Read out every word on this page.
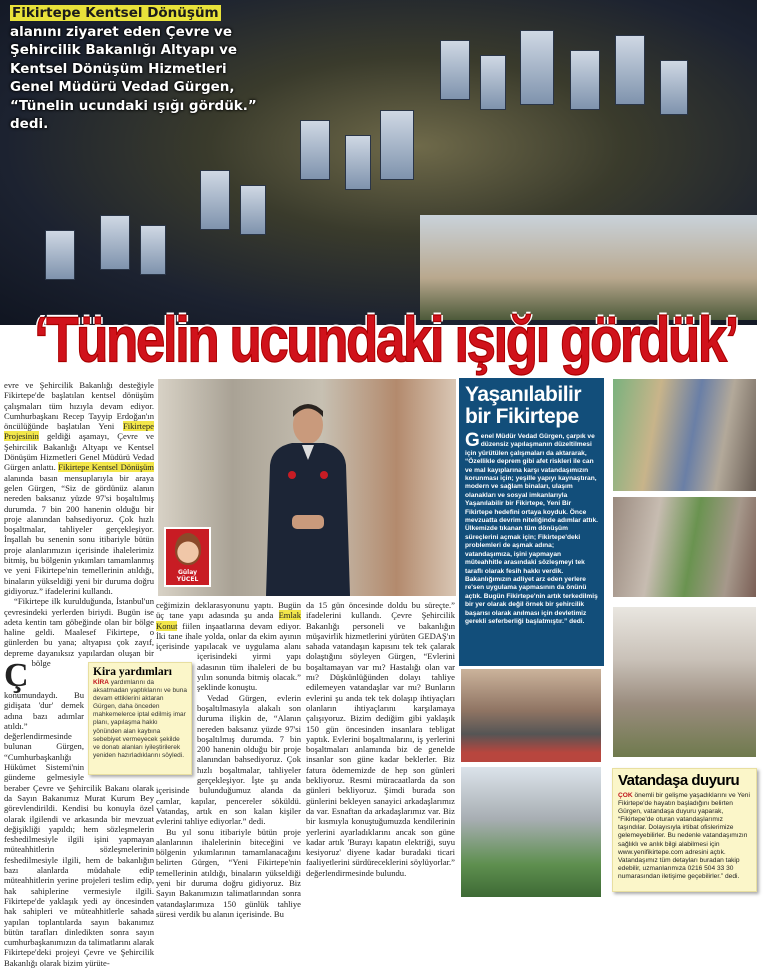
Fikirtepe Kentsel Dönüşüm
alanını ziyaret eden Çevre ve Şehircilik Bakanlığı Altyapı ve Kentsel Dönüşüm Hizmetleri Genel Müdürü Vedad Gürgen, “Tünelin ucundaki ışığı gördük.” dedi.
‘Tünelin ucundaki ışığı gördük’

Ç
evre ve Şehircilik Bakanlığı desteğiyle Fikirtepe'de başlatılan kentsel dönüşüm çalışmaları tüm hızıyla devam ediyor. Cumhurbaşkanı Recep Tayyip Erdoğan'ın öncülüğünde başlatılan Yeni Fikirtepe Projesinin geldiği aşamayı, Çevre ve Şehircilik Bakanlığı Altyapı ve Kentsel Dönüşüm Hizmetleri Genel Müdürü Vedad Gürgen anlattı. Fikirtepe Kentsel Dönüşüm alanında basın mensuplarıyla bir araya gelen Gürgen, “Siz de gördünüz alanın nereden baksanız yüzde 97'si boşaltılmış durumda. 7 bin 200 hanenin olduğu bir proje alanından bahsediyoruz. Çok hızlı boşaltmalar, tahliyeler gerçekleşiyor. İnşallah bu senenin sonu itibariyle bütün proje alanlarımızın içerisinde ihalelerimiz bitmiş, bu bölgenin yıkımları tamamlanmış ve yeni Fikirtepe'nin temellerinin atıldığı, binaların yükseldiği yeni bir duruma doğru gidiyoruz.” ifadelerini kullandı.

“Fikirtepe ilk kurulduğunda, İstanbul'un çevresindeki yerlerden biriydi. Bugün ise adeta kentin tam göbeğinde olan bir bölge haline geldi. Maalesef Fikirtepe, o günlerden bu yana; altyapısı çok zayıf, depreme dayanıksız yapılardan oluşan bir bölge konumundaydı. Bu gidişata 'dur' demek adına bazı adımlar atıldı.” değerlendirmesinde bulunan Gürgen, “Cumhurbaşkanlığı Hükümet Sistemi'nin gündeme gelmesiyle beraber Çevre ve Şehircilik Bakanı olarak da Sayın Bakanımız Murat Kurum Bey görevlendirildi. Kendisi bu konuyla özel olarak ilgilendi ve arkasında bir mevzuat değişikliği yapıldı; hem sözleşmelerin feshedilmesiyle ilgili işini yapmayan müteahhitlerin sözleşmelerinin feshedilmesiyle ilgili, hem de bakanlığın bazı alanlarda müdahale edip müteahhitlerin yerine projeleri teslim edip, hak sahiplerine vermesiyle ilgili. Fikirtepe'de yaklaşık yedi ay öncesinden hak sahipleri ve müteahhitlerle sahada yapılan toplantılarda sayın bakanımız bütün tarafları dinledikten sonra sayın cumhurbaşkanımızın da talimatlarını alarak Fikirtepe'deki projeyi Çevre ve Şehircilik Bakanlığı olarak bizim yürüte-

Gülay
YÜCEL

ceğimizin deklarasyonunu yaptı. Bugün üç tane yapı adasında şu anda Emlak Konut fiilen inşaatlarına devam ediyor. İki tane ihale yolda, onlar da ekim ayının içerisinde yapılacak ve uygulama alanı içerisindeki yirmi yapı adasının tüm ihaleleri de bu yılın sonunda bitmiş olacak.” şeklinde konuştu.

Vedad Gürgen, evlerin boşaltılmasıyla alakalı son duruma ilişkin de, “Alanın nereden baksanız yüzde 97'si boşaltılmış durumda. 7 bin 200 hanenin olduğu bir proje alanından bahsediyoruz. Çok hızlı boşaltmalar, tahliyeler gerçekleşiyor. İşte şu anda içerisinde bulunduğumuz alanda da camlar, kapılar, pencereler söküldü. Vatandaş, artık en son kalan kişiler evlerini tahliye ediyorlar.” dedi.

Bu yıl sonu itibariyle bütün proje alanlarının ihalelerinin biteceğini ve bölgenin yıkımlarının tamamlanacağını belirten Gürgen, “Yeni Fikirtepe'nin temellerinin atıldığı, binaların yükseldiği yeni bir duruma doğru gidiyoruz. Biz Sayın Bakanımızın talimatlarından sonra vatandaşlarımıza 150 günlük tahliye süresi verdik bu alanın içerisinde. Bu

da 15 gün öncesinde doldu bu süreçte.” ifadelerini kullandı. Çevre Şehircilik Bakanlığı personeli ve bakanlığın müşavirlik hizmetlerini yürüten GEDAŞ'ın sahada vatandaşın kapısını tek tek çalarak dolaştığını söyleyen Gürgen, “Evlerini boşaltamayan var mı? Hastalığı olan var mı? Düşkünlüğünden dolayı tahliye edilemeyen vatandaşlar var mı? Bunların evlerini şu anda tek tek dolaşıp ihtiyaçları olanların ihtiyaçlarını karşılamaya çalışıyoruz. Bizim dediğim gibi yaklaşık 150 gün öncesinden insanlara tebligat yaptık. Evlerini boşaltmalarını, iş yerlerini boşaltmaları anlamında biz de genelde insanlar son güne kadar beklerler. Biz fatura ödememizde de hep son günleri bekliyoruz. Resmi müracaatlarda da son günleri bekliyoruz. Şimdi burada son günlerini bekleyen sanayici arkadaşlarımız da var. Esnaftan da arkadaşlarımız var. Biz bir kısmıyla konuştuğumuzda kendilerinin yerlerini ayarladıklarını ancak son güne kadar artık 'Burayı kapatın elektriği, suyu kesiyoruz' diyene kadar buradaki ticari faaliyetlerini sürdüreceklerini söylüyorlar.” değerlendirmesinde bulundu.

Kira yardımları
KİRA yardımlarını da aksatmadan yaptıklarını ve buna devam ettiklerini aktaran Gürgen, daha önceden mahkemelerce iptal edilmiş imar planı, yapılaşma hakkı yönünden alan kaybına sebebiyet vermeyecek şekilde ve donatı alanları iyileştirilerek yeniden hazırladıklarını söyledi.
Yaşanılabilir
bir Fikirtepe
Genel Müdür Vedad Gürgen, çarpık ve düzensiz yapılaşmanın düzeltilmesi için yürütülen çalışmaları da aktararak, “Özellikle deprem gibi afet riskleri ile can ve mal kayıplarına karşı vatandaşımızın korunması için; yeşille yapıyı kaynaştıran, modern ve sağlam binaları, ulaşım olanakları ve sosyal imkanlarıyla Yaşanılabilir bir Fikirtepe, Yeni Bir Fikirtepe hedefini ortaya koyduk. Önce mevzuatta devrim niteliğinde adımlar attık. Ülkemizde tıkanan tüm dönüşüm süreçlerini açmak için; Fikirtepe'deki problemleri de aşmak adına; vatandaşımıza, işini yapmayan müteahhitle arasındaki sözleşmeyi tek taraflı olarak fesih hakkı verdik. Bakanlığımızın adliyet arz eden yerlere re'sen uygulama yapmasının da önünü açtık. Bugün Fikirtepe'nin artık terkedilmiş bir yer olarak değil örnek bir şehircilik başarısı olarak anılması için devletimiz gerekli seferberliği başlatmıştır.” dedi.
Vatandaşa duyuru
ÇOK önemli bir gelişme yaşadıklarını ve Yeni Fikirtepe'de hayatın başladığını belirten Gürgen, vatandaşa duyuru yaparak, “Fikirtepe'de oturan vatandaşlarımız taşındılar. Dolayısıyla irtibat ofislerimize gelemeyebilirler. Bu nedenle vatandaşımızın sağlıklı ve anlık bilgi alabilmesi için www.yenifikirtepe.com adresini açtık. Vatandaşımız tüm detayları buradan takip edebilir, uzmanlarımıza 0216 504 33 30 numarasından iletişime geçebilirler.” dedi.
